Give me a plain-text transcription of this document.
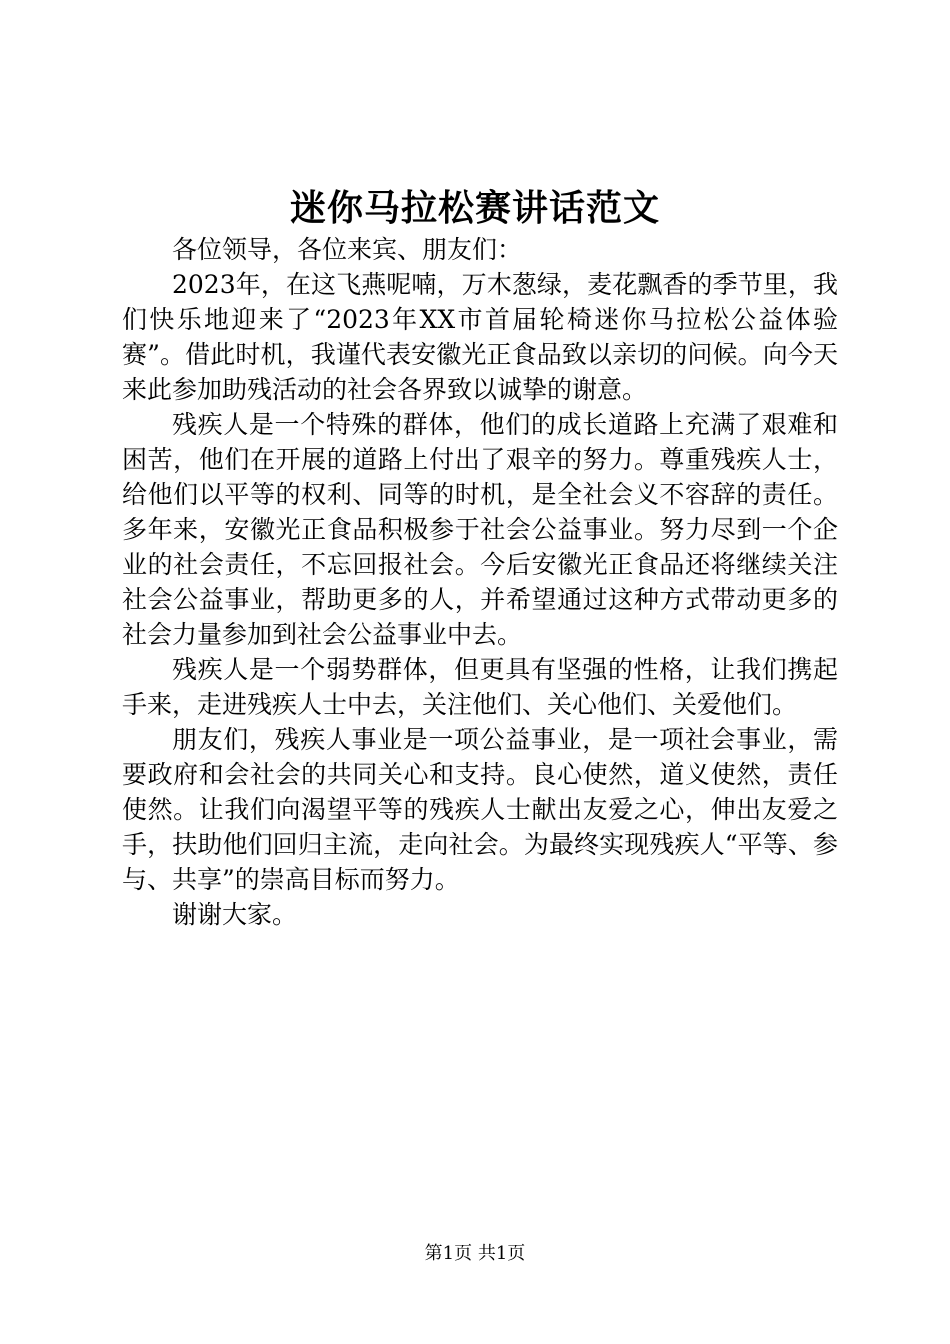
迷你马拉松赛讲话范文

各位领导，各位来宾、朋友们：

2023年，在这飞燕呢喃，万木葱绿，麦花飘香的季节里，我们快乐地迎来了“2023年XX市首届轮椅迷你马拉松公益体验赛”。借此时机，我谨代表安徽光正食品致以亲切的问候。向今天来此参加助残活动的社会各界致以诚挚的谢意。

残疾人是一个特殊的群体，他们的成长道路上充满了艰难和困苦，他们在开展的道路上付出了艰辛的努力。尊重残疾人士，给他们以平等的权利、同等的时机，是全社会义不容辞的责任。多年来，安徽光正食品积极参于社会公益事业。努力尽到一个企业的社会责任，不忘回报社会。今后安徽光正食品还将继续关注社会公益事业，帮助更多的人，并希望通过这种方式带动更多的社会力量参加到社会公益事业中去。

残疾人是一个弱势群体，但更具有坚强的性格，让我们携起手来，走进残疾人士中去，关注他们、关心他们、关爱他们。

朋友们，残疾人事业是一项公益事业，是一项社会事业，需要政府和会社会的共同关心和支持。良心使然，道义使然，责任使然。让我们向渴望平等的残疾人士献出友爱之心，伸出友爱之手，扶助他们回归主流，走向社会。为最终实现残疾人“平等、参与、共享”的崇高目标而努力。

谢谢大家。

第1页 共1页
